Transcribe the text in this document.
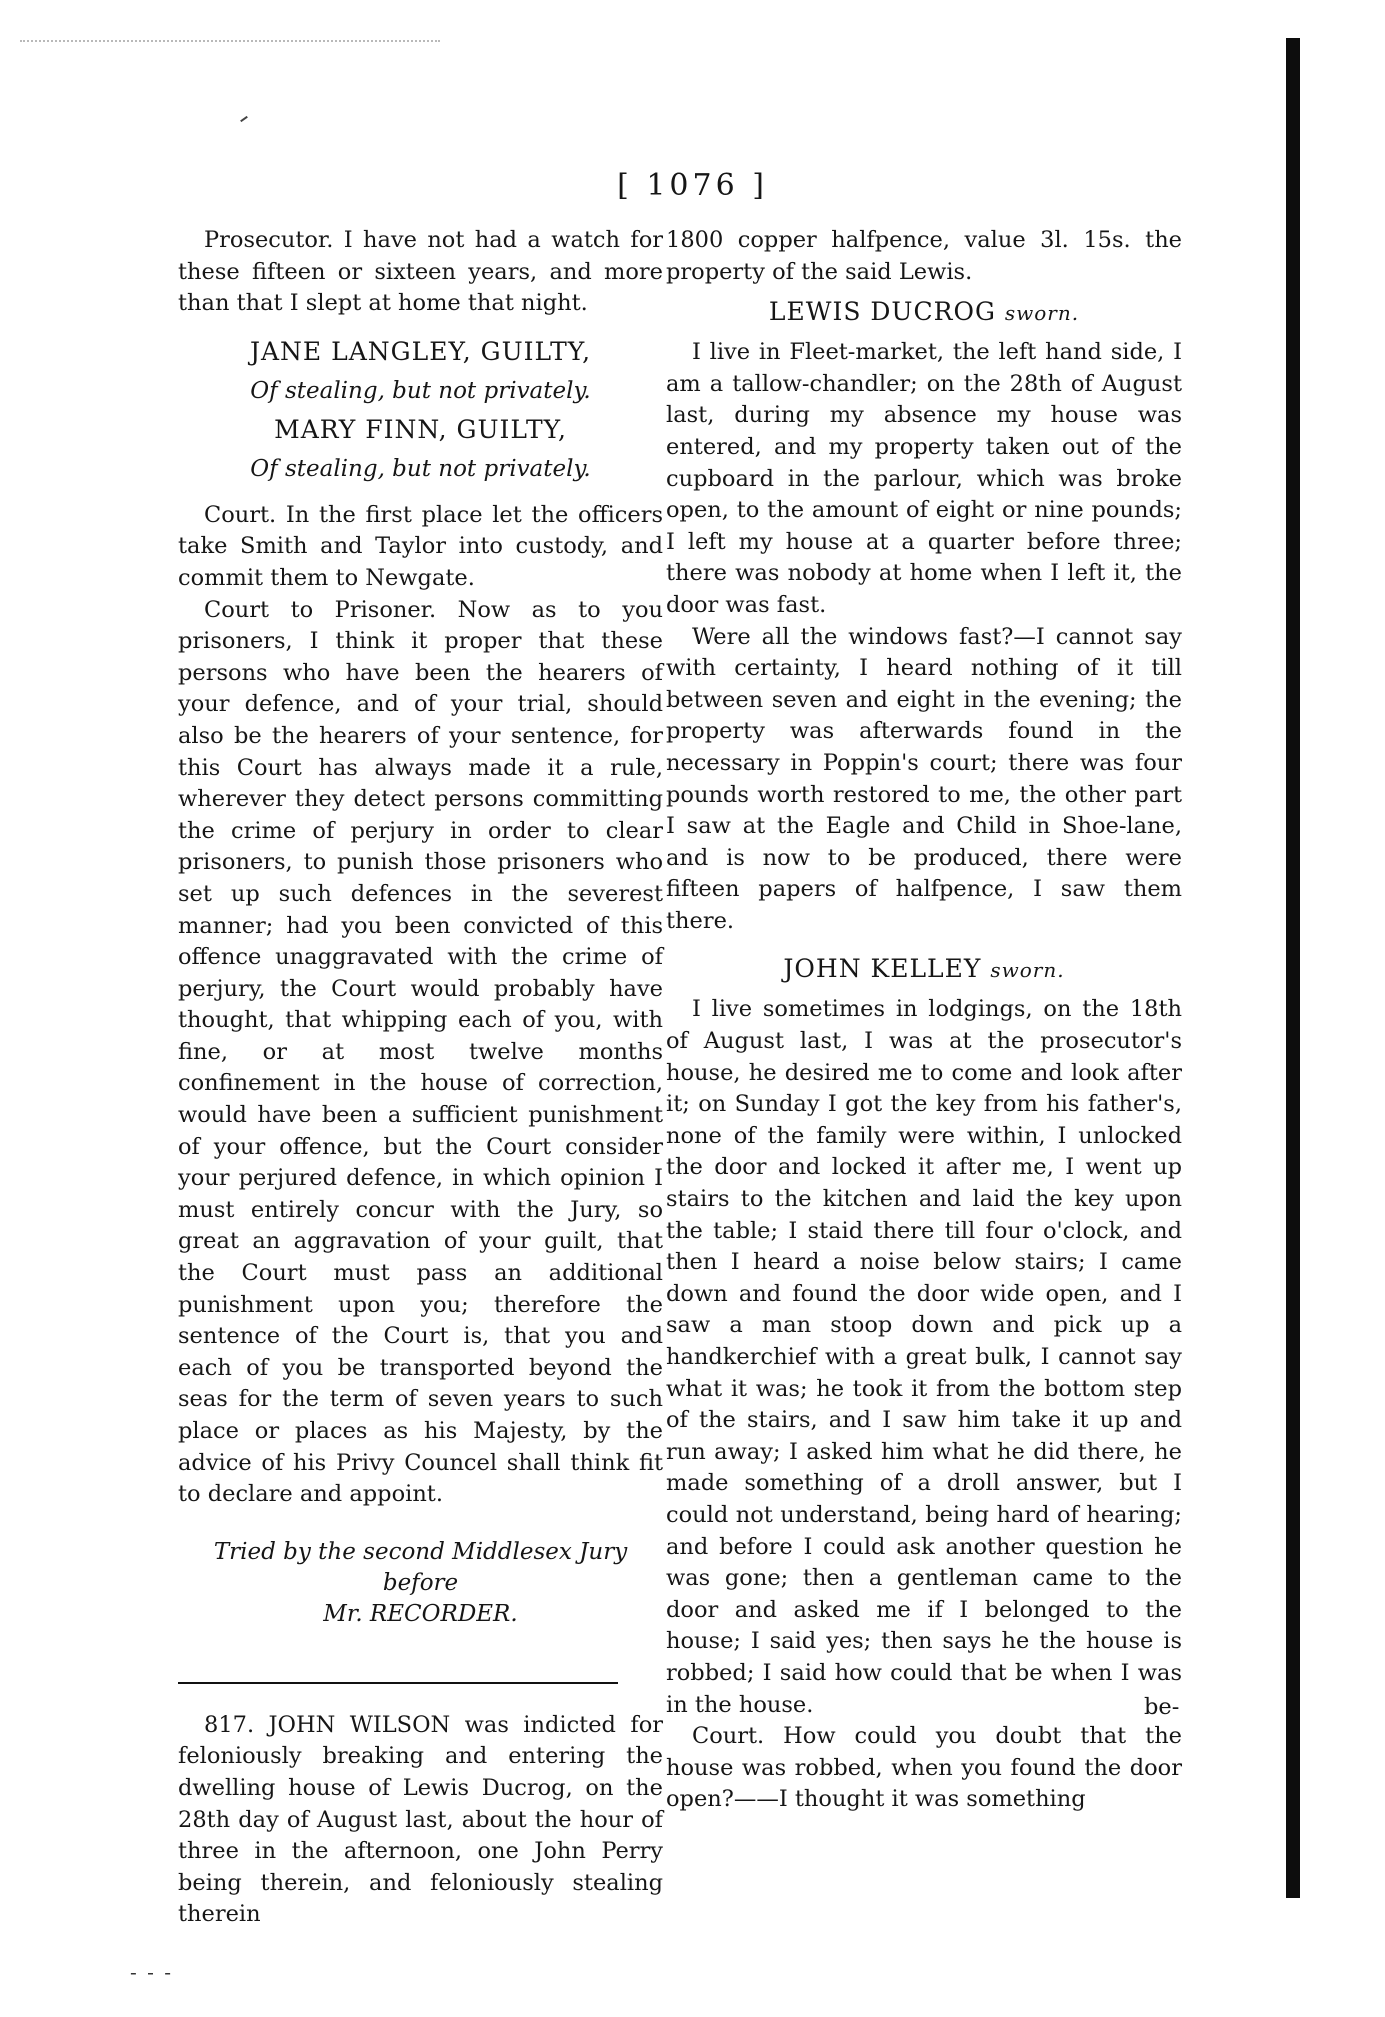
- - -
[ 1076 ]

Prosecutor. I have not had a watch for these fifteen or sixteen years, and more than that I slept at home that night.

JANE LANGLEY, GUILTY,
Of stealing, but not privately.
MARY FINN, GUILTY,
Of stealing, but not privately.

Court. In the first place let the officers take Smith and Taylor into custody, and commit them to Newgate.

Court to Prisoner. Now as to you prisoners, I think it proper that these persons who have been the hearers of your defence, and of your trial, should also be the hearers of your sentence, for this Court has always made it a rule, wherever they detect persons committing the crime of perjury in order to clear prisoners, to punish those prisoners who set up such defences in the severest manner; had you been convicted of this offence unaggravated with the crime of perjury, the Court would probably have thought, that whipping each of you, with fine, or at most twelve months confinement in the house of correction, would have been a sufficient punishment of your offence, but the Court consider your perjured defence, in which opinion I must entirely concur with the Jury, so great an aggravation of your guilt, that the Court must pass an additional punishment upon you; therefore the sentence of the Court is, that you and each of you be transported beyond the seas for the term of seven years to such place or places as his Majesty, by the advice of his Privy Councel shall think fit to declare and appoint.

Tried by the second Middlesex Jury before
Mr. RECORDER.

817. JOHN WILSON was indicted for feloniously breaking and entering the dwelling house of Lewis Ducrog, on the 28th day of August last, about the hour of three in the afternoon, one John Perry being therein, and feloniously stealing therein

1800 copper halfpence, value 3l. 15s. the property of the said Lewis.

LEWIS DUCROG sworn.

I live in Fleet-market, the left hand side, I am a tallow-chandler; on the 28th of August last, during my absence my house was entered, and my property taken out of the cupboard in the parlour, which was broke open, to the amount of eight or nine pounds; I left my house at a quarter before three; there was nobody at home when I left it, the door was fast.

Were all the windows fast?—I cannot say with certainty, I heard nothing of it till between seven and eight in the evening; the property was afterwards found in the necessary in Poppin's court; there was four pounds worth restored to me, the other part I saw at the Eagle and Child in Shoe-lane, and is now to be produced, there were fifteen papers of halfpence, I saw them there.

JOHN KELLEY sworn.

I live sometimes in lodgings, on the 18th of August last, I was at the prosecutor's house, he desired me to come and look after it; on Sunday I got the key from his father's, none of the family were within, I unlocked the door and locked it after me, I went up stairs to the kitchen and laid the key upon the table; I staid there till four o'clock, and then I heard a noise below stairs; I came down and found the door wide open, and I saw a man stoop down and pick up a handkerchief with a great bulk, I cannot say what it was; he took it from the bottom step of the stairs, and I saw him take it up and run away; I asked him what he did there, he made something of a droll answer, but I could not understand, being hard of hearing; and before I could ask another question he was gone; then a gentleman came to the door and asked me if I belonged to the house; I said yes; then says he the house is robbed; I said how could that be when I was in the house.

Court. How could you doubt that the house was robbed, when you found the door open?——I thought it was something

be-
